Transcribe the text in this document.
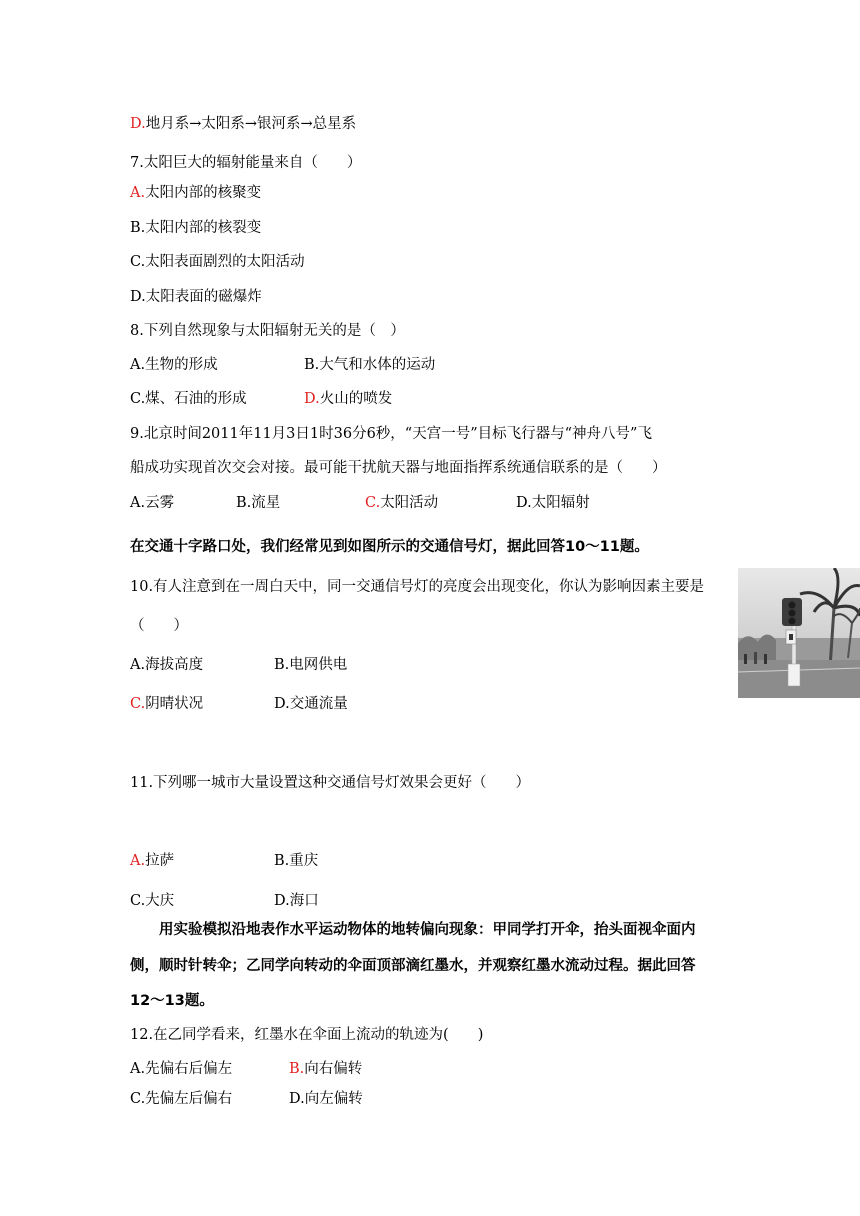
D.地月系→太阳系→银河系→总星系
7.太阳巨大的辐射能量来自（　　）
A.太阳内部的核聚变
B.太阳内部的核裂变
C.太阳表面剧烈的太阳活动
D.太阳表面的磁爆炸
8.下列自然现象与太阳辐射无关的是（　）
A.生物的形成	B.大气和水体的运动
C.煤、石油的形成	D.火山的喷发
9.北京时间2011年11月3日1时36分6秒，“天宫一号”目标飞行器与“神舟八号”飞
船成功实现首次交会对接。最可能干扰航天器与地面指挥系统通信联系的是（　　）
A.云雾	B.流星	C.太阳活动	D.太阳辐射
在交通十字路口处，我们经常见到如图所示的交通信号灯，据此回答10～11题。
10.有人注意到在一周白天中，同一交通信号灯的亮度会出现变化，你认为影响因素主要是
（　　）
A.海拔高度	B.电网供电
C.阴晴状况	D.交通流量
11.下列哪一城市大量设置这种交通信号灯效果会更好（　　）
A.拉萨	B.重庆
C.大庆	D.海口
用实验模拟沿地表作水平运动物体的地转偏向现象：甲同学打开伞，抬头面视伞面内
侧，顺时针转伞；乙同学向转动的伞面顶部滴红墨水，并观察红墨水流动过程。据此回答
12～13题。
12.在乙同学看来，红墨水在伞面上流动的轨迹为(　　)
A.先偏右后偏左	B.向右偏转
C.先偏左后偏右	D.向左偏转
